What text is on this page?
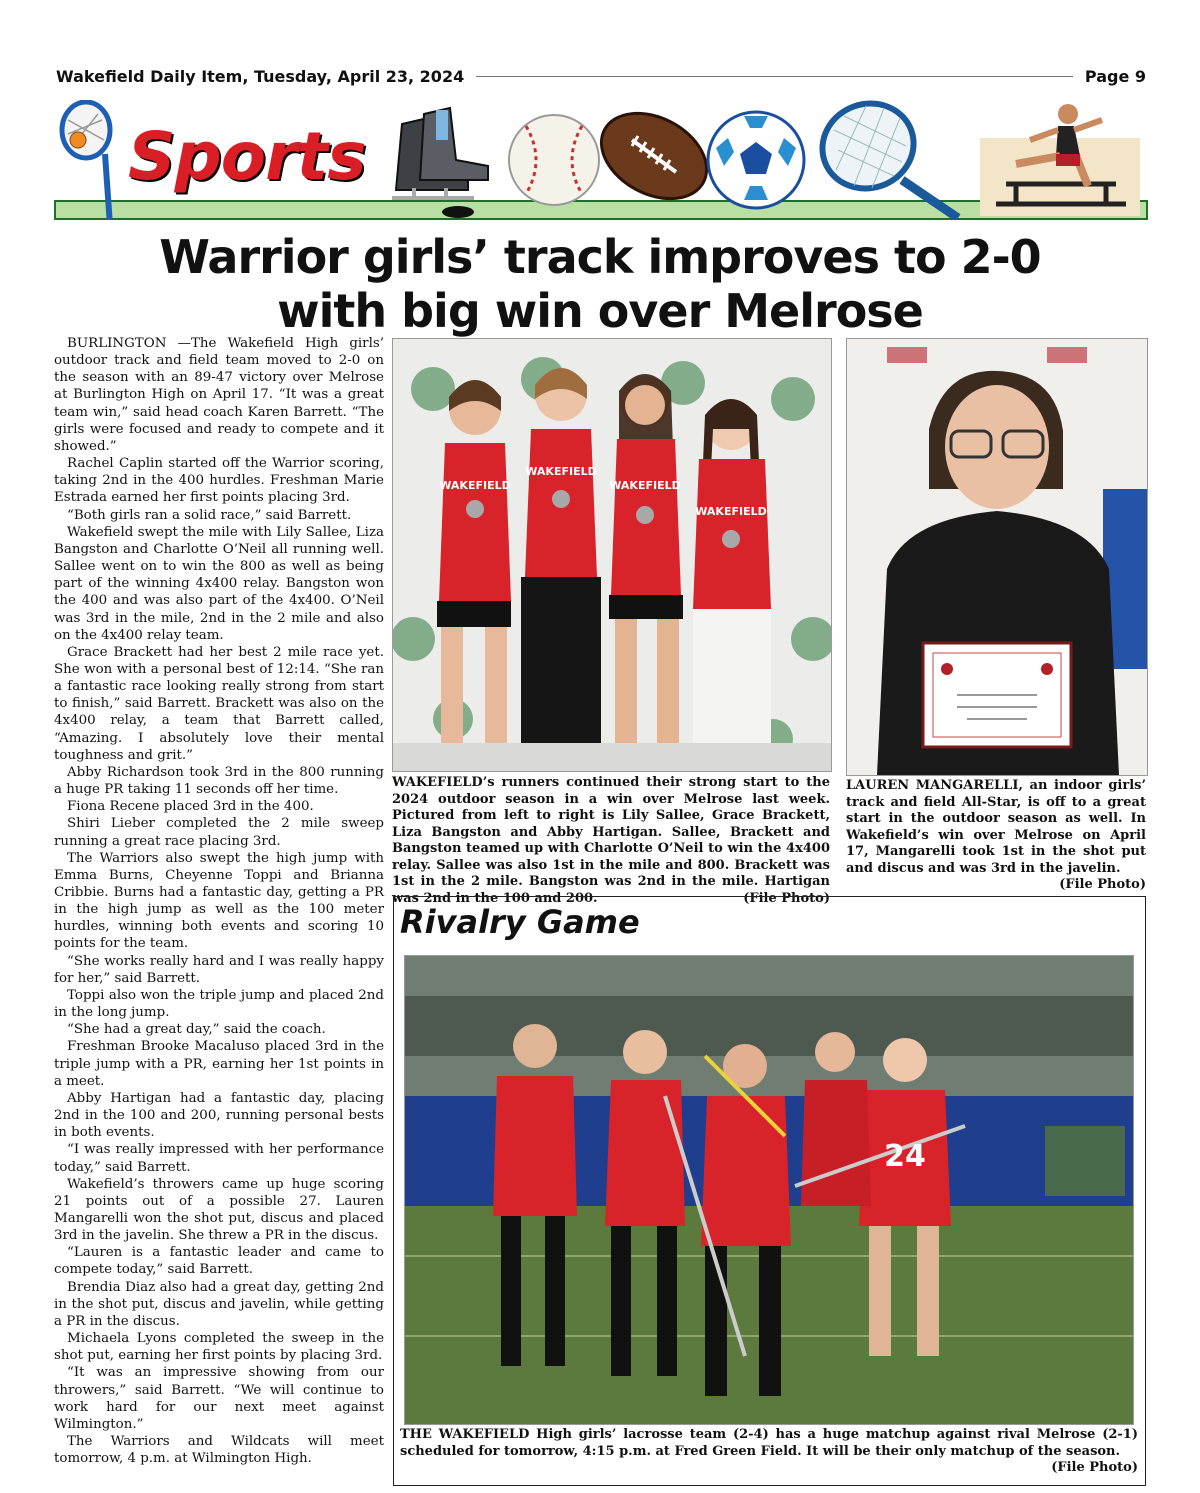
Wakefield Daily Item, Tuesday, April 23, 2024	Page 9
Sports
Warrior girls’ track improves to 2-0
with big win over Melrose

BURLINGTON —The Wakefield High girls’ outdoor track and field team moved to 2-0 on the season with an 89-47 victory over Melrose at Burlington High on April 17. “It was a great team win,” said head coach Karen Barrett. “The girls were focused and ready to compete and it showed.”

Rachel Caplin started off the Warrior scoring, taking 2nd in the 400 hurdles. Freshman Marie Estrada earned her first points placing 3rd.

“Both girls ran a solid race,” said Barrett.

Wakefield swept the mile with Lily Sallee, Liza Bangston and Charlotte O’Neil all running well. Sallee went on to win the 800 as well as being part of the winning 4x400 relay. Bangston won the 400 and was also part of the 4x400. O’Neil was 3rd in the mile, 2nd in the 2 mile and also on the 4x400 relay team.

Grace Brackett had her best 2 mile race yet. She won with a personal best of 12:14. “She ran a fantastic race looking really strong from start to finish,” said Barrett. Brackett was also on the 4x400 relay, a team that Barrett called, “Amazing. I absolutely love their mental toughness and grit.”

Abby Richardson took 3rd in the 800 running a huge PR taking 11 seconds off her time.

Fiona Recene placed 3rd in the 400.

Shiri Lieber completed the 2 mile sweep running a great race placing 3rd.

The Warriors also swept the high jump with Emma Burns, Cheyenne Toppi and Brianna Cribbie. Burns had a fantastic day, getting a PR in the high jump as well as the 100 meter hurdles, winning both events and scoring 10 points for the team.

“She works really hard and I was really happy for her,” said Barrett.

Toppi also won the triple jump and placed 2nd in the long jump.

“She had a great day,” said the coach.

Freshman Brooke Macaluso placed 3rd in the triple jump with a PR, earning her 1st points in a meet.

Abby Hartigan had a fantastic day, placing 2nd in the 100 and 200, running personal bests in both events.

“I was really impressed with her performance today,” said Barrett.

Wakefield’s throwers came up huge scoring 21 points out of a possible 27. Lauren Mangarelli won the shot put, discus and placed 3rd in the javelin. She threw a PR in the discus.

“Lauren is a fantastic leader and came to compete today,” said Barrett.

Brendia Diaz also had a great day, getting 2nd in the shot put, discus and javelin, while getting a PR in the discus.

Michaela Lyons completed the sweep in the shot put, earning her first points by placing 3rd.

“It was an impressive showing from our throwers,” said Barrett. “We will continue to work hard for our next meet against Wilmington.”

The Warriors and Wildcats will meet tomorrow, 4 p.m. at Wilmington High.

WAKEFIELD
WAKEFIELD
WAKEFIELD
WAKEFIELD
WAKEFIELD’s runners continued their strong start to the 2024 outdoor season in a win over Melrose last week. Pictured from left to right is Lily Sallee, Grace Brackett, Liza Bangston and Abby Hartigan. Sallee, Brackett and Bangston teamed up with Charlotte O’Neil to win the 4x400 relay. Sallee was also 1st in the mile and 800. Brackett was 1st in the 2 mile. Bangston was 2nd in the mile. Hartigan was 2nd in the 100 and 200.	(File Photo)
LAUREN MANGARELLI, an indoor girls’ track and field All-Star, is off to a great start in the outdoor season as well. In Wakefield’s win over Melrose on April 17, Mangarelli took 1st in the shot put and discus and was 3rd in the javelin.
(File Photo)
Rivalry Game
24
THE WAKEFIELD High girls’ lacrosse team (2-4) has a huge matchup against rival Melrose (2-1) scheduled for tomorrow, 4:15 p.m. at Fred Green Field. It will be their only matchup of the season.
(File Photo)
